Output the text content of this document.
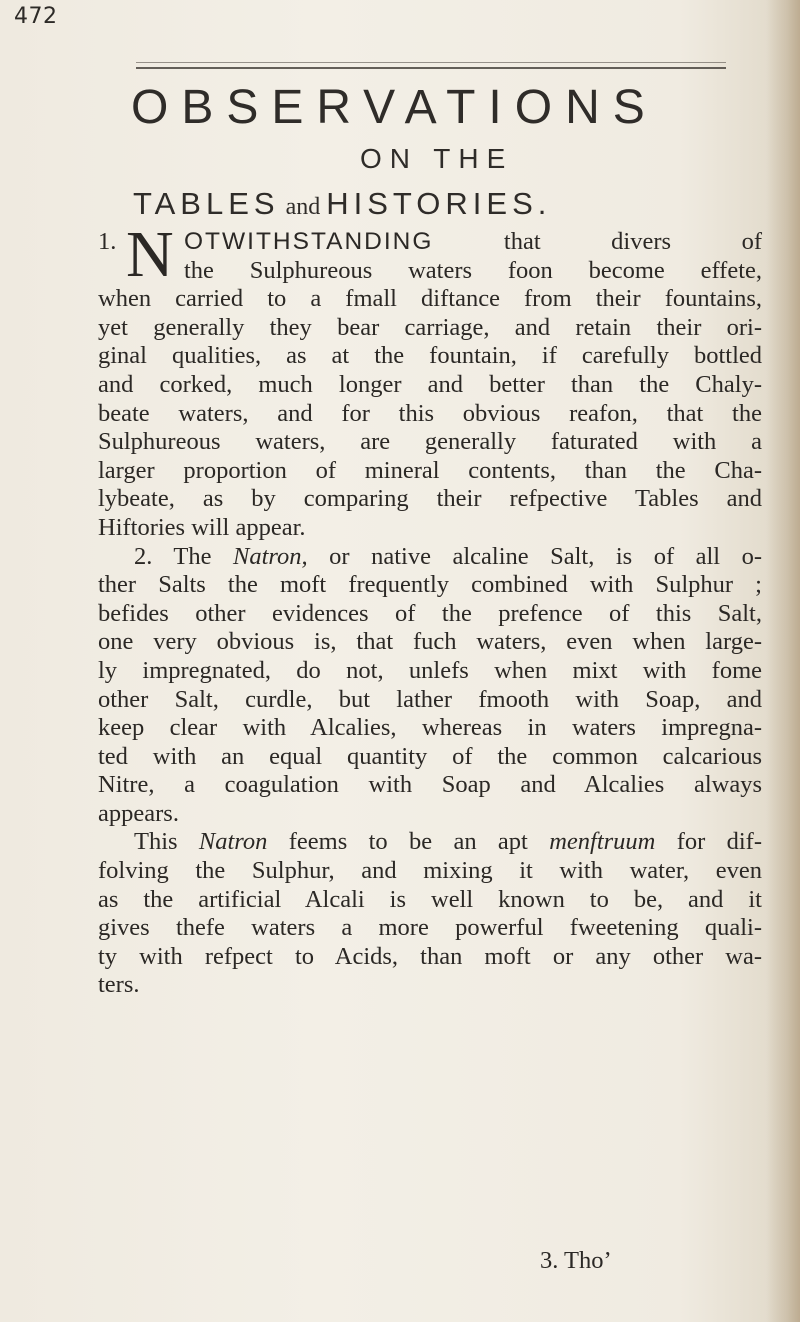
472
OBSERVATIONS
ON THE
TABLES and HISTORIES.
N
1.	OTWITHSTANDING	that divers of
the Sulphureous waters foon become effete,
when carried to a fmall diftance from their fountains,
yet generally they bear carriage, and retain their ori-
ginal qualities, as at the fountain, if carefully bottled
and corked, much longer and better than the Chaly-
beate waters, and for this obvious reafon, that the
Sulphureous waters, are generally faturated with a
larger proportion of mineral contents, than the Cha-
lybeate, as by comparing their refpective Tables and
Hiftories will appear.
2. The Natron, or native alcaline Salt, is of all o-
ther Salts the moft frequently combined with Sulphur ;
befides other evidences of the prefence of this Salt,
one very obvious is, that fuch waters, even when large-
ly impregnated, do not, unlefs when mixt with fome
other Salt, curdle, but lather fmooth with Soap, and
keep clear with Alcalies, whereas in waters impregna-
ted with an equal quantity of the common calcarious
Nitre, a coagulation with Soap and Alcalies always
appears.
This Natron feems to be an apt menftruum for dif-
folving the Sulphur, and mixing it with water, even
as the artificial Alcali is well known to be, and it
gives thefe waters a more powerful fweetening quali-
ty with refpect to Acids, than moft or any other wa-
ters.
3. Tho’
